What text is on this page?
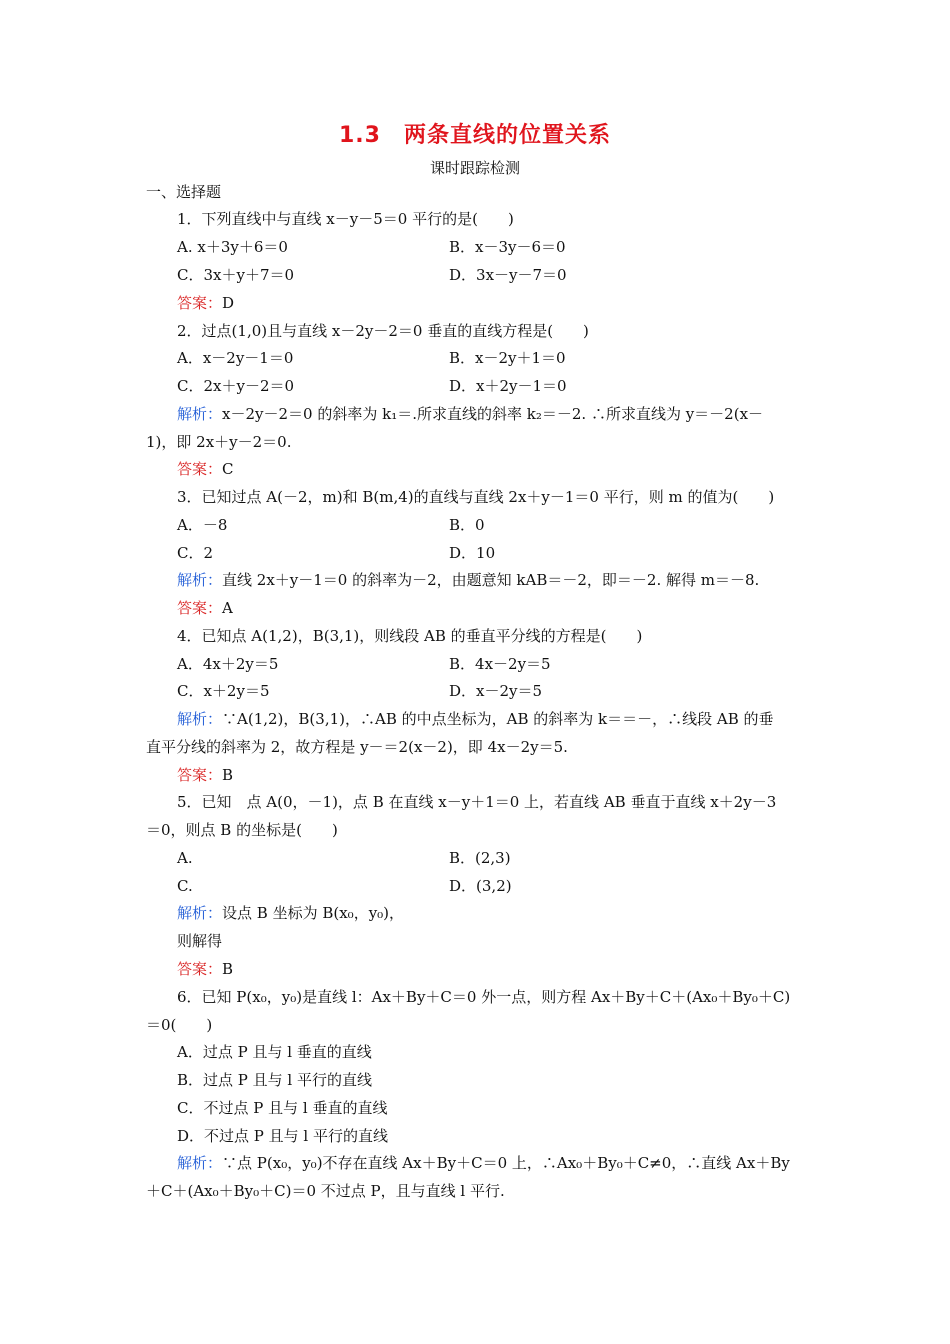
1.3　两条直线的位置关系
课时跟踪检测
一、选择题
1．下列直线中与直线 x－y－5＝0 平行的是(　　)
A. x＋3y＋6＝0	B．x－3y－6＝0
C．3x＋y＋7＝0	D．3x－y－7＝0
答案：D
2．过点(1,0)且与直线 x－2y－2＝0 垂直的直线方程是(　　)
A．x－2y－1＝0	B．x－2y＋1＝0
C．2x＋y－2＝0	D．x＋2y－1＝0
解析：x－2y－2＝0 的斜率为 k₁＝.所求直线的斜率 k₂＝－2. ∴所求直线为 y＝－2(x－
1)，即 2x＋y－2＝0.
答案：C
3．已知过点 A(－2，m)和 B(m,4)的直线与直线 2x＋y－1＝0 平行，则 m 的值为(　　)
A．－8	B．0
C．2	D．10
解析：直线 2x＋y－1＝0 的斜率为－2，由题意知 kAB＝－2，即＝－2. 解得 m＝－8.
答案：A
4．已知点 A(1,2)，B(3,1)，则线段 AB 的垂直平分线的方程是(　　)
A．4x＋2y＝5	B．4x－2y＝5
C．x＋2y＝5	D．x－2y＝5
解析：∵A(1,2)，B(3,1)，∴AB 的中点坐标为，AB 的斜率为 k＝＝－，∴线段 AB 的垂
直平分线的斜率为 2，故方程是 y－＝2(x－2)，即 4x－2y＝5.
答案：B
5．已知　点 A(0，－1)，点 B 在直线 x－y＋1＝0 上，若直线 AB 垂直于直线 x＋2y－3
＝0，则点 B 的坐标是(　　)
A.	B．(2,3)
C.	D．(3,2)
解析：设点 B 坐标为 B(x₀，y₀)，
则解得
答案：B
6．已知 P(x₀，y₀)是直线 l：Ax＋By＋C＝0 外一点，则方程 Ax＋By＋C＋(Ax₀＋By₀＋C)
＝0(　　)
A．过点 P 且与 l 垂直的直线
B．过点 P 且与 l 平行的直线
C．不过点 P 且与 l 垂直的直线
D．不过点 P 且与 l 平行的直线
解析：∵点 P(x₀，y₀)不存在直线 Ax＋By＋C＝0 上，∴Ax₀＋By₀＋C≠0，∴直线 Ax＋By
＋C＋(Ax₀＋By₀＋C)＝0 不过点 P，且与直线 l 平行.
